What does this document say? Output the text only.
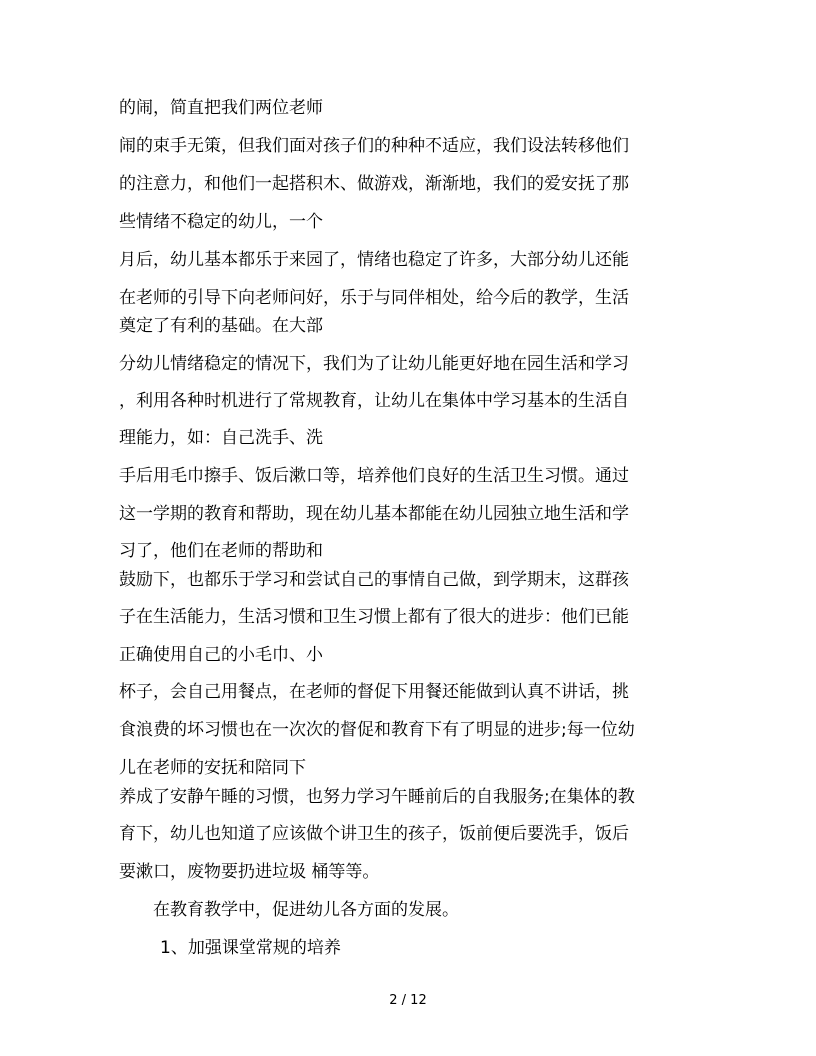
的闹，简直把我们两位老师
闹的束手无策，但我们面对孩子们的种种不适应，我们设法转移他们
的注意力，和他们一起搭积木、做游戏，渐渐地，我们的爱安抚了那
些情绪不稳定的幼儿，一个
月后，幼儿基本都乐于来园了，情绪也稳定了许多，大部分幼儿还能
在老师的引导下向老师问好，乐于与同伴相处，给今后的教学，生活
奠定了有利的基础。在大部
分幼儿情绪稳定的情况下，我们为了让幼儿能更好地在园生活和学习
，利用各种时机进行了常规教育，让幼儿在集体中学习基本的生活自
理能力，如：自己洗手、洗
手后用毛巾擦手、饭后漱口等，培养他们良好的生活卫生习惯。通过
这一学期的教育和帮助，现在幼儿基本都能在幼儿园独立地生活和学
习了，他们在老师的帮助和
鼓励下，也都乐于学习和尝试自己的事情自己做，到学期末，这群孩
子在生活能力，生活习惯和卫生习惯上都有了很大的进步：他们已能
正确使用自己的小毛巾、小
杯子，会自己用餐点，在老师的督促下用餐还能做到认真不讲话，挑
食浪费的坏习惯也在一次次的督促和教育下有了明显的进步;每一位幼
儿在老师的安抚和陪同下
养成了安静午睡的习惯，也努力学习午睡前后的自我服务;在集体的教
育下，幼儿也知道了应该做个讲卫生的孩子，饭前便后要洗手，饭后
要漱口，废物要扔进垃圾 桶等等。
在教育教学中，促进幼儿各方面的发展。
1、加强课堂常规的培养
2 / 12
